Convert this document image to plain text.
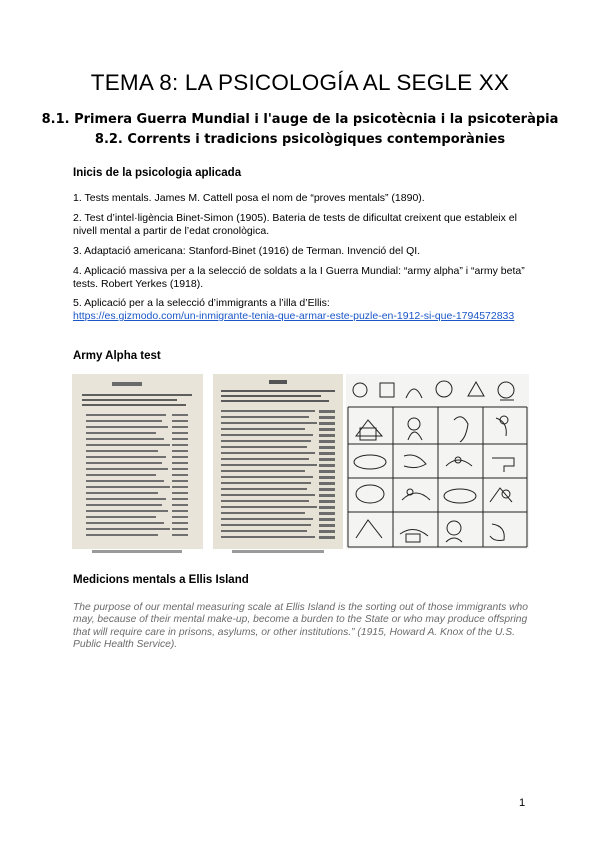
TEMA 8: LA PSICOLOGÍA AL SEGLE XX
8.1. Primera Guerra Mundial i l'auge de la psicotècnia i la psicoteràpia
8.2. Corrents i tradicions psicològiques contemporànies
Inicis de la psicologia aplicada

1. Tests mentals. James M. Cattell posa el nom de “proves mentals” (1890).

2. Test d’intel·ligència Binet-Simon (1905). Bateria de tests de dificultat creixent que estableix el nivell mental a partir de l’edat cronològica.

3. Adaptació americana: Stanford-Binet (1916) de Terman. Invenció del QI.

4. Aplicació massiva per a la selecció de soldats a la I Guerra Mundial: “army alpha” i “army beta” tests. Robert Yerkes (1918).

5. Aplicació per a la selecció d’immigrants a l’illa d’Ellis:
https://es.gizmodo.com/un-inmigrante-tenia-que-armar-este-puzle-en-1912-si-que-1794572833

Army Alpha test
Medicions mentals a Ellis Island

The purpose of our mental measuring scale at Ellis Island is the sorting out of those immigrants who may, because of their mental make-up, become a burden to the State or who may produce offspring that will require care in prisons, asylums, or other institutions.” (1915, Howard A. Knox of the U.S. Public Health Service).

1
